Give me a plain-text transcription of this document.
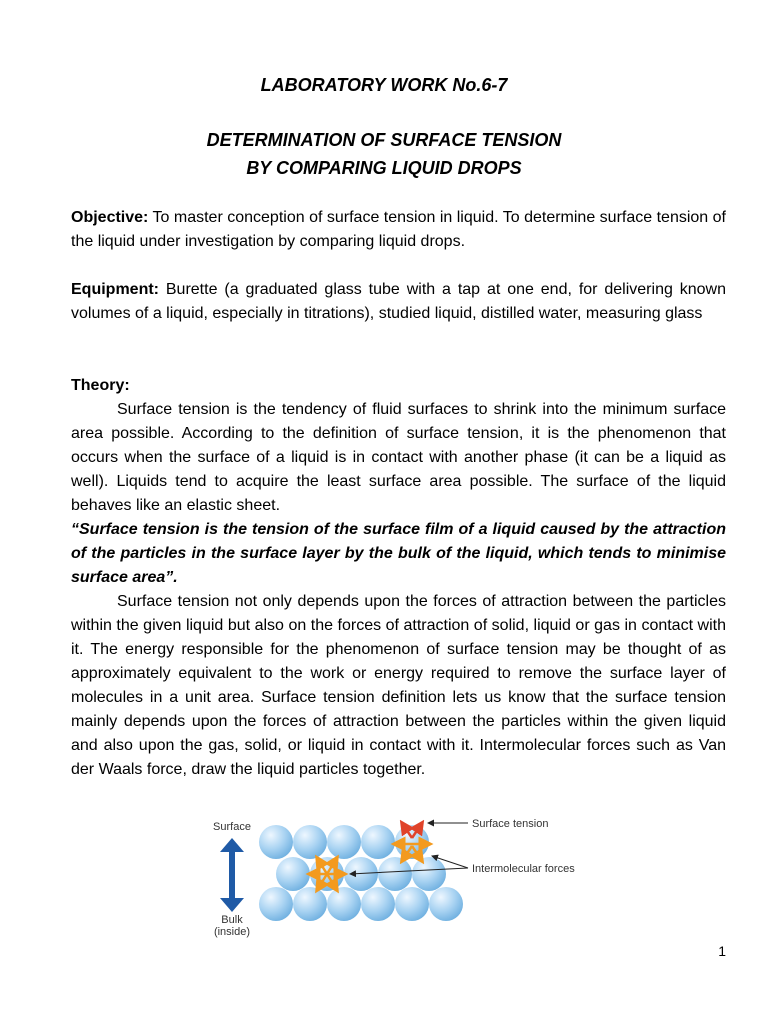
LABORATORY WORK No.6-7
DETERMINATION OF SURFACE TENSION
BY COMPARING LIQUID DROPS
Objective: To master conception of surface tension in liquid. To determine surface tension of the liquid under investigation by comparing liquid drops.
Equipment: Burette (a graduated glass tube with a tap at one end, for delivering known volumes of a liquid, especially in titrations), studied liquid, distilled water, measuring glass
Theory:
Surface tension is the tendency of fluid surfaces to shrink into the minimum surface area possible. According to the definition of surface tension, it is the phenomenon that occurs when the surface of a liquid is in contact with another phase (it can be a liquid as well). Liquids tend to acquire the least surface area possible. The surface of the liquid behaves like an elastic sheet.
“Surface tension is the tension of the surface film of a liquid caused by the attraction of the particles in the surface layer by the bulk of the liquid, which tends to minimise surface area”.
Surface tension not only depends upon the forces of attraction between the particles within the given liquid but also on the forces of attraction of solid, liquid or gas in contact with it. The energy responsible for the phenomenon of surface tension may be thought of as approximately equivalent to the work or energy required to remove the surface layer of molecules in a unit area. Surface tension definition lets us know that the surface tension mainly depends upon the forces of attraction between the particles within the given liquid and also upon the gas, solid, or liquid in contact with it. Intermolecular forces such as Van der Waals force, draw the liquid particles together.
Surface
Bulk
(inside)
Surface tension
Intermolecular forces
1
